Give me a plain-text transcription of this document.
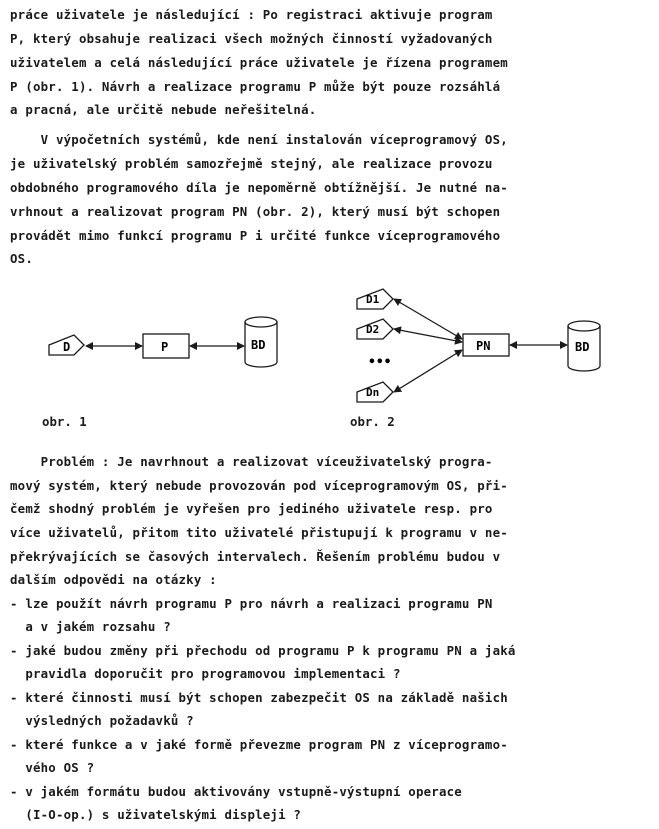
práce uživatele je následující : Po registraci aktivuje program
P, který obsahuje realizaci všech možných činností vyžadovaných
uživatelem a celá následující práce uživatele je řízena programem
P (obr. 1). Návrh a realizace programu P může být pouze rozsáhlá
a pracná, ale určitě nebude neřešitelná.
V výpočetních systémů, kde není instalován víceprogramový OS,
je uživatelský problém samozřejmě stejný, ale realizace provozu
obdobného programového díla je nepoměrně obtížnější. Je nutné na-
vrhnout a realizovat program PN (obr. 2), který musí být schopen
provádět mimo funkcí programu P i určité funkce víceprogramového
OS.
D	P	BD
D1
D2
•••
Dn
PN	BD
obr. 1	obr. 2
Problém : Je navrhnout a realizovat víceuživatelský progra-
mový systém, který nebude provozován pod víceprogramovým OS, při-
čemž shodný problém je vyřešen pro jediného uživatele resp. pro
více uživatelů, přitom tito uživatelé přistupují k programu v ne-
překrývajících se časových intervalech. Řešením problému budou v
dalším odpovědi na otázky :
- lze použít návrh programu P pro návrh a realizaci programu PN
a v jakém rozsahu ?
- jaké budou změny při přechodu od programu P k programu PN a jaká
pravidla doporučit pro programovou implementaci ?
- které činnosti musí být schopen zabezpečit OS na základě našich
výsledných požadavků ?
- které funkce a v jaké formě převezme program PN z víceprogramo-
vého OS ?
- v jakém formátu budou aktivovány vstupně-výstupní operace
(I-O-op.) s uživatelskými displeji ?
